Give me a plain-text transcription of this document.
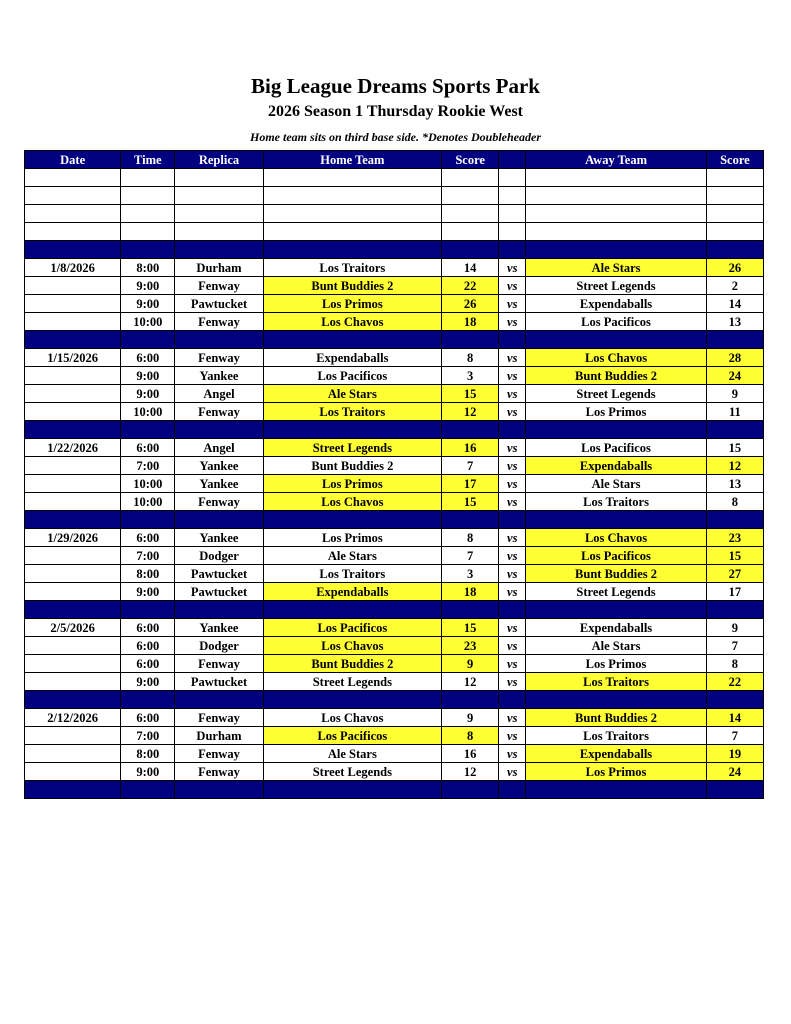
Big League Dreams Sports Park
2026 Season 1 Thursday Rookie West
Home team sits on third base side. *Denotes Doubleheader
Date	Time	Replica	Home Team	Score		Away Team	Score

1/8/2026	8:00	Durham	Los Traitors	14	vs	Ale Stars	26
	9:00	Fenway	Bunt Buddies 2	22	vs	Street Legends	2
	9:00	Pawtucket	Los Primos	26	vs	Expendaballs	14
	10:00	Fenway	Los Chavos	18	vs	Los Pacificos	13

1/15/2026	6:00	Fenway	Expendaballs	8	vs	Los Chavos	28
	9:00	Yankee	Los Pacificos	3	vs	Bunt Buddies 2	24
	9:00	Angel	Ale Stars	15	vs	Street Legends	9
	10:00	Fenway	Los Traitors	12	vs	Los Primos	11

1/22/2026	6:00	Angel	Street Legends	16	vs	Los Pacificos	15
	7:00	Yankee	Bunt Buddies 2	7	vs	Expendaballs	12
	10:00	Yankee	Los Primos	17	vs	Ale Stars	13
	10:00	Fenway	Los Chavos	15	vs	Los Traitors	8

1/29/2026	6:00	Yankee	Los Primos	8	vs	Los Chavos	23
	7:00	Dodger	Ale Stars	7	vs	Los Pacificos	15
	8:00	Pawtucket	Los Traitors	3	vs	Bunt Buddies 2	27
	9:00	Pawtucket	Expendaballs	18	vs	Street Legends	17

2/5/2026	6:00	Yankee	Los Pacificos	15	vs	Expendaballs	9
	6:00	Dodger	Los Chavos	23	vs	Ale Stars	7
	6:00	Fenway	Bunt Buddies 2	9	vs	Los Primos	8
	9:00	Pawtucket	Street Legends	12	vs	Los Traitors	22

2/12/2026	6:00	Fenway	Los Chavos	9	vs	Bunt Buddies 2	14
	7:00	Durham	Los Pacificos	8	vs	Los Traitors	7
	8:00	Fenway	Ale Stars	16	vs	Expendaballs	19
	9:00	Fenway	Street Legends	12	vs	Los Primos	24
